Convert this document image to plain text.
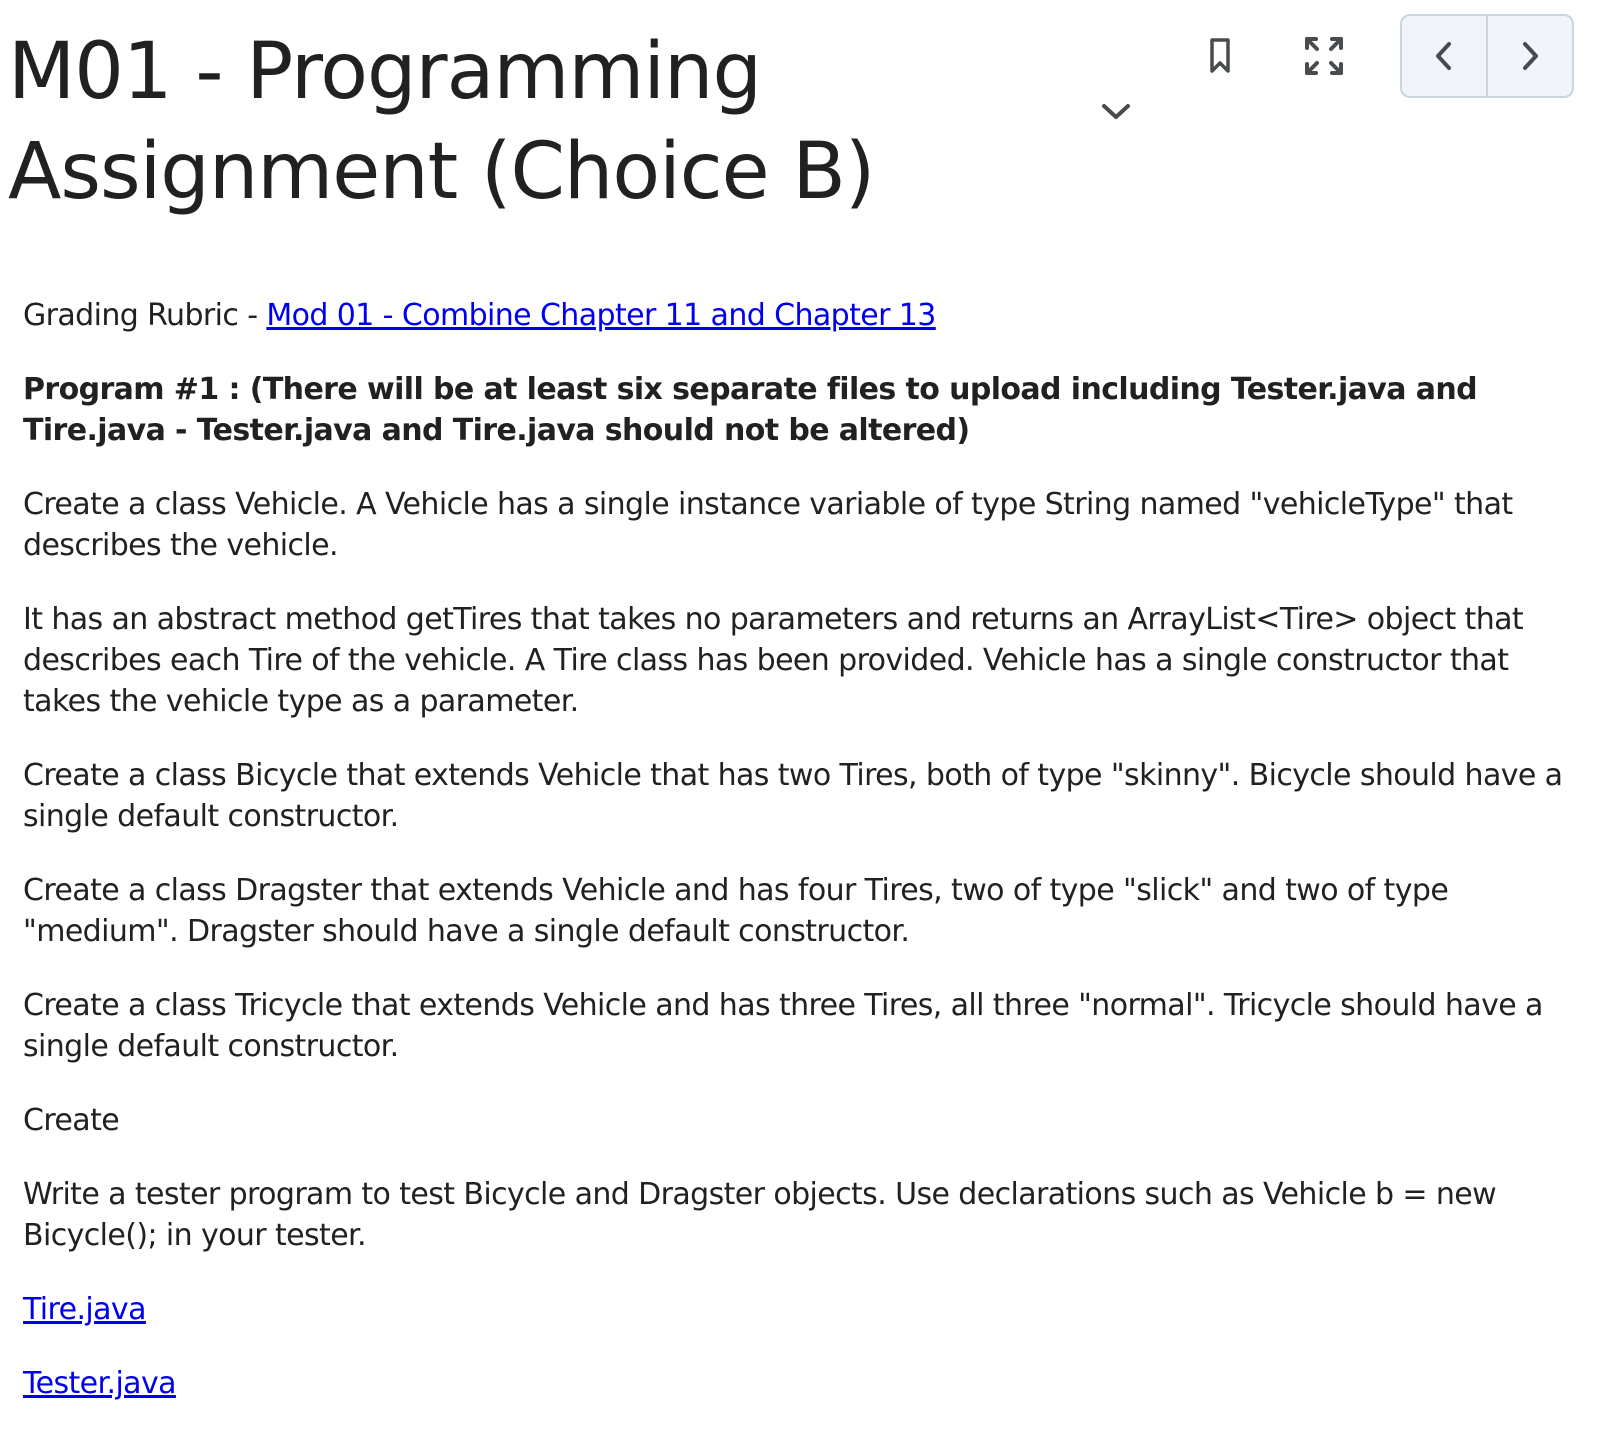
M01 - Programming
Assignment (Choice B)

Grading Rubric - Mod 01 - Combine Chapter 11 and Chapter 13

Program #1 : (There will be at least six separate files to upload including Tester.java and Tire.java - Tester.java and Tire.java should not be altered)

Create a class Vehicle. A Vehicle has a single instance variable of type String named "vehicleType" that describes the vehicle.

It has an abstract method getTires that takes no parameters and returns an ArrayList<Tire> object that describes each Tire of the vehicle. A Tire class has been provided. Vehicle has a single constructor that takes the vehicle type as a parameter.

Create a class Bicycle that extends Vehicle that has two Tires, both of type "skinny". Bicycle should have a single default constructor.

Create a class Dragster that extends Vehicle and has four Tires, two of type "slick" and two of type "medium". Dragster should have a single default constructor.

Create a class Tricycle that extends Vehicle and has three Tires, all three "normal". Tricycle should have a single default constructor.

Create

Write a tester program to test Bicycle and Dragster objects. Use declarations such as Vehicle b = new Bicycle(); in your tester.

Tire.java

Tester.java
